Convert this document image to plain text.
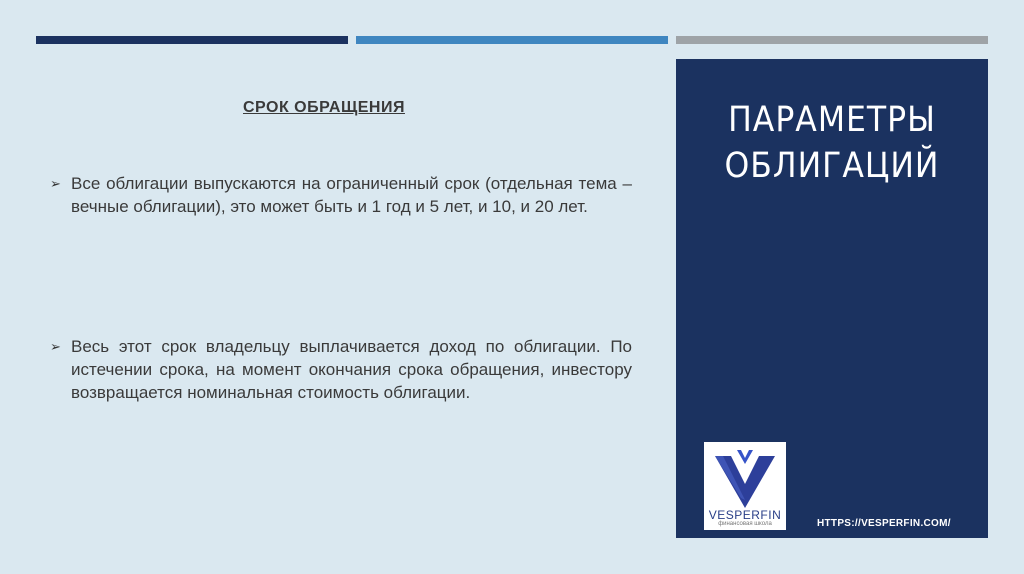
СРОК ОБРАЩЕНИЯ
➢ Все облигации выпускаются на ограниченный срок (отдельная тема – вечные облигации), это может быть и 1 год и 5 лет, и 10, и 20 лет.
➢ Весь этот срок владельцу выплачивается доход по облигации. По истечении срока, на момент окончания срока обращения, инвестору возвращается номинальная стоимость облигации.
ПАРАМЕТРЫ
ОБЛИГАЦИЙ
VESPERFIN
финансовая школа	HTTPS://VESPERFIN.COM/
